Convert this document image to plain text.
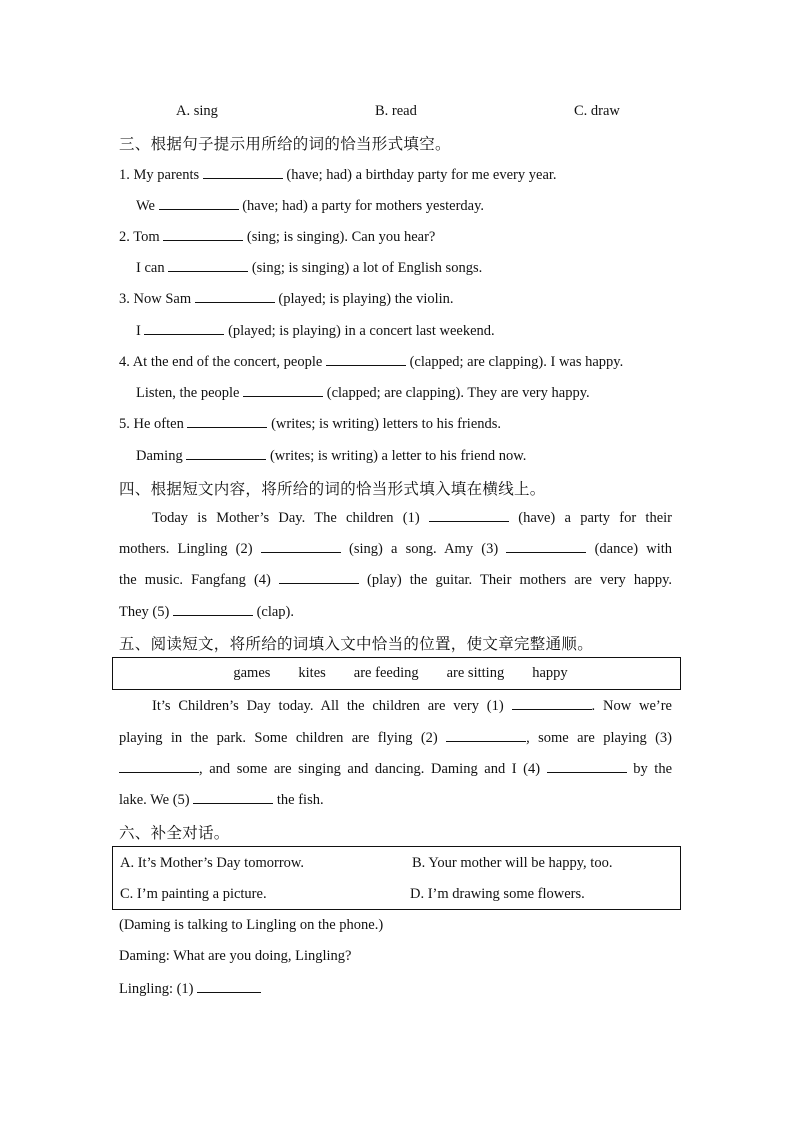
A. sing	B. read	C. draw
三、根据句子提示用所给的词的恰当形式填空。
1. My parents	(have; had) a birthday party for me every year.
We	(have; had) a party for mothers yesterday.
2. Tom	(sing; is singing). Can you hear?
I can	(sing; is singing) a lot of English songs.
3. Now Sam	(played; is playing) the violin.
I	(played; is playing) in a concert last weekend.
4. At the end of the concert, people	(clapped; are clapping). I was happy.
Listen, the people	(clapped; are clapping). They are very happy.
5. He often	(writes; is writing) letters to his friends.
Daming	(writes; is writing) a letter to his friend now.
四、根据短文内容，将所给的词的恰当形式填入填在横线上。
Today is Mother’s Day. The children (1)	(have) a party for their
mothers. Lingling (2)	(sing) a song. Amy (3)	(dance) with
the music. Fangfang (4)	(play) the guitar. Their mothers are very happy.
They (5)	(clap).
五、阅读短文，将所给的词填入文中恰当的位置，使文章完整通顺。
games kites are feeding are sitting happy
It’s Children’s Day today. All the children are very (1)	. Now we’re
playing in the park. Some children are flying (2)	, some are playing (3)
, and some are singing and dancing. Daming and I (4)	by the
lake. We (5)	the fish.
六、补全对话。
A. It’s Mother’s Day tomorrow.	B. Your mother will be happy, too.
C. I’m painting a picture.	D. I’m drawing some flowers.
(Daming is talking to Lingling on the phone.)
Daming: What are you doing, Lingling?
Lingling: (1)
